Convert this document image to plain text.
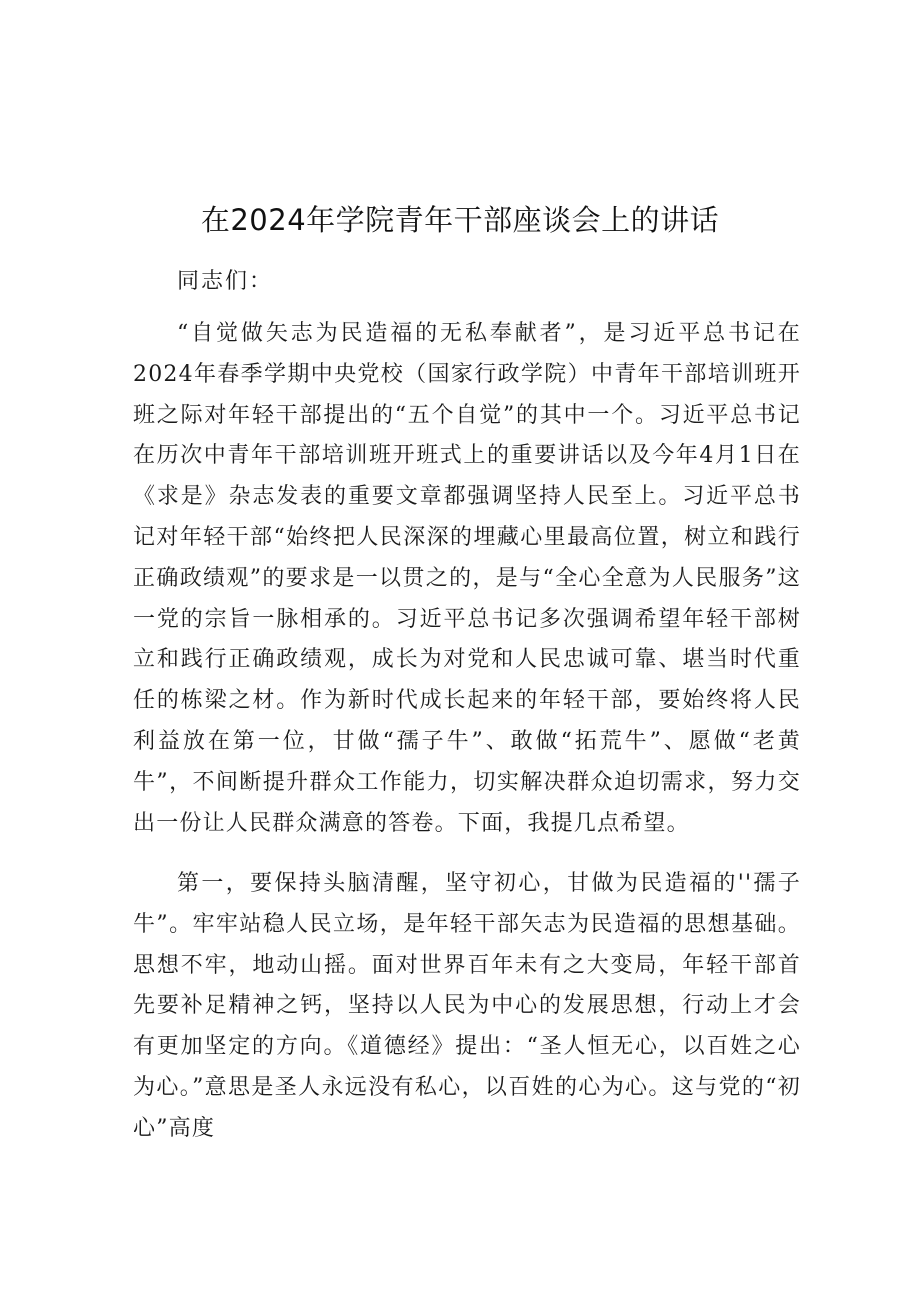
在2024年学院青年干部座谈会上的讲话

同志们：

“自觉做矢志为民造福的无私奉献者”，是习近平总书记在2024年春季学期中央党校（国家行政学院）中青年干部培训班开班之际对年轻干部提出的“五个自觉”的其中一个。习近平总书记在历次中青年干部培训班开班式上的重要讲话以及今年4月1日在《求是》杂志发表的重要文章都强调坚持人民至上。习近平总书记对年轻干部“始终把人民深深的埋藏心里最高位置，树立和践行正确政绩观”的要求是一以贯之的，是与“全心全意为人民服务”这一党的宗旨一脉相承的。习近平总书记多次强调希望年轻干部树立和践行正确政绩观，成长为对党和人民忠诚可靠、堪当时代重任的栋梁之材。作为新时代成长起来的年轻干部，要始终将人民利益放在第一位，甘做“孺子牛”、敢做“拓荒牛”、愿做“老黄牛”，不间断提升群众工作能力，切实解决群众迫切需求，努力交出一份让人民群众满意的答卷。下面，我提几点希望。

第一，要保持头脑清醒，坚守初心，甘做为民造福的''孺子牛”。牢牢站稳人民立场，是年轻干部矢志为民造福的思想基础。思想不牢，地动山摇。面对世界百年未有之大变局，年轻干部首先要补足精神之钙，坚持以人民为中心的发展思想，行动上才会有更加坚定的方向。《道德经》提出：“圣人恒无心，以百姓之心为心。”意思是圣人永远没有私心，以百姓的心为心。这与党的“初心”高度
